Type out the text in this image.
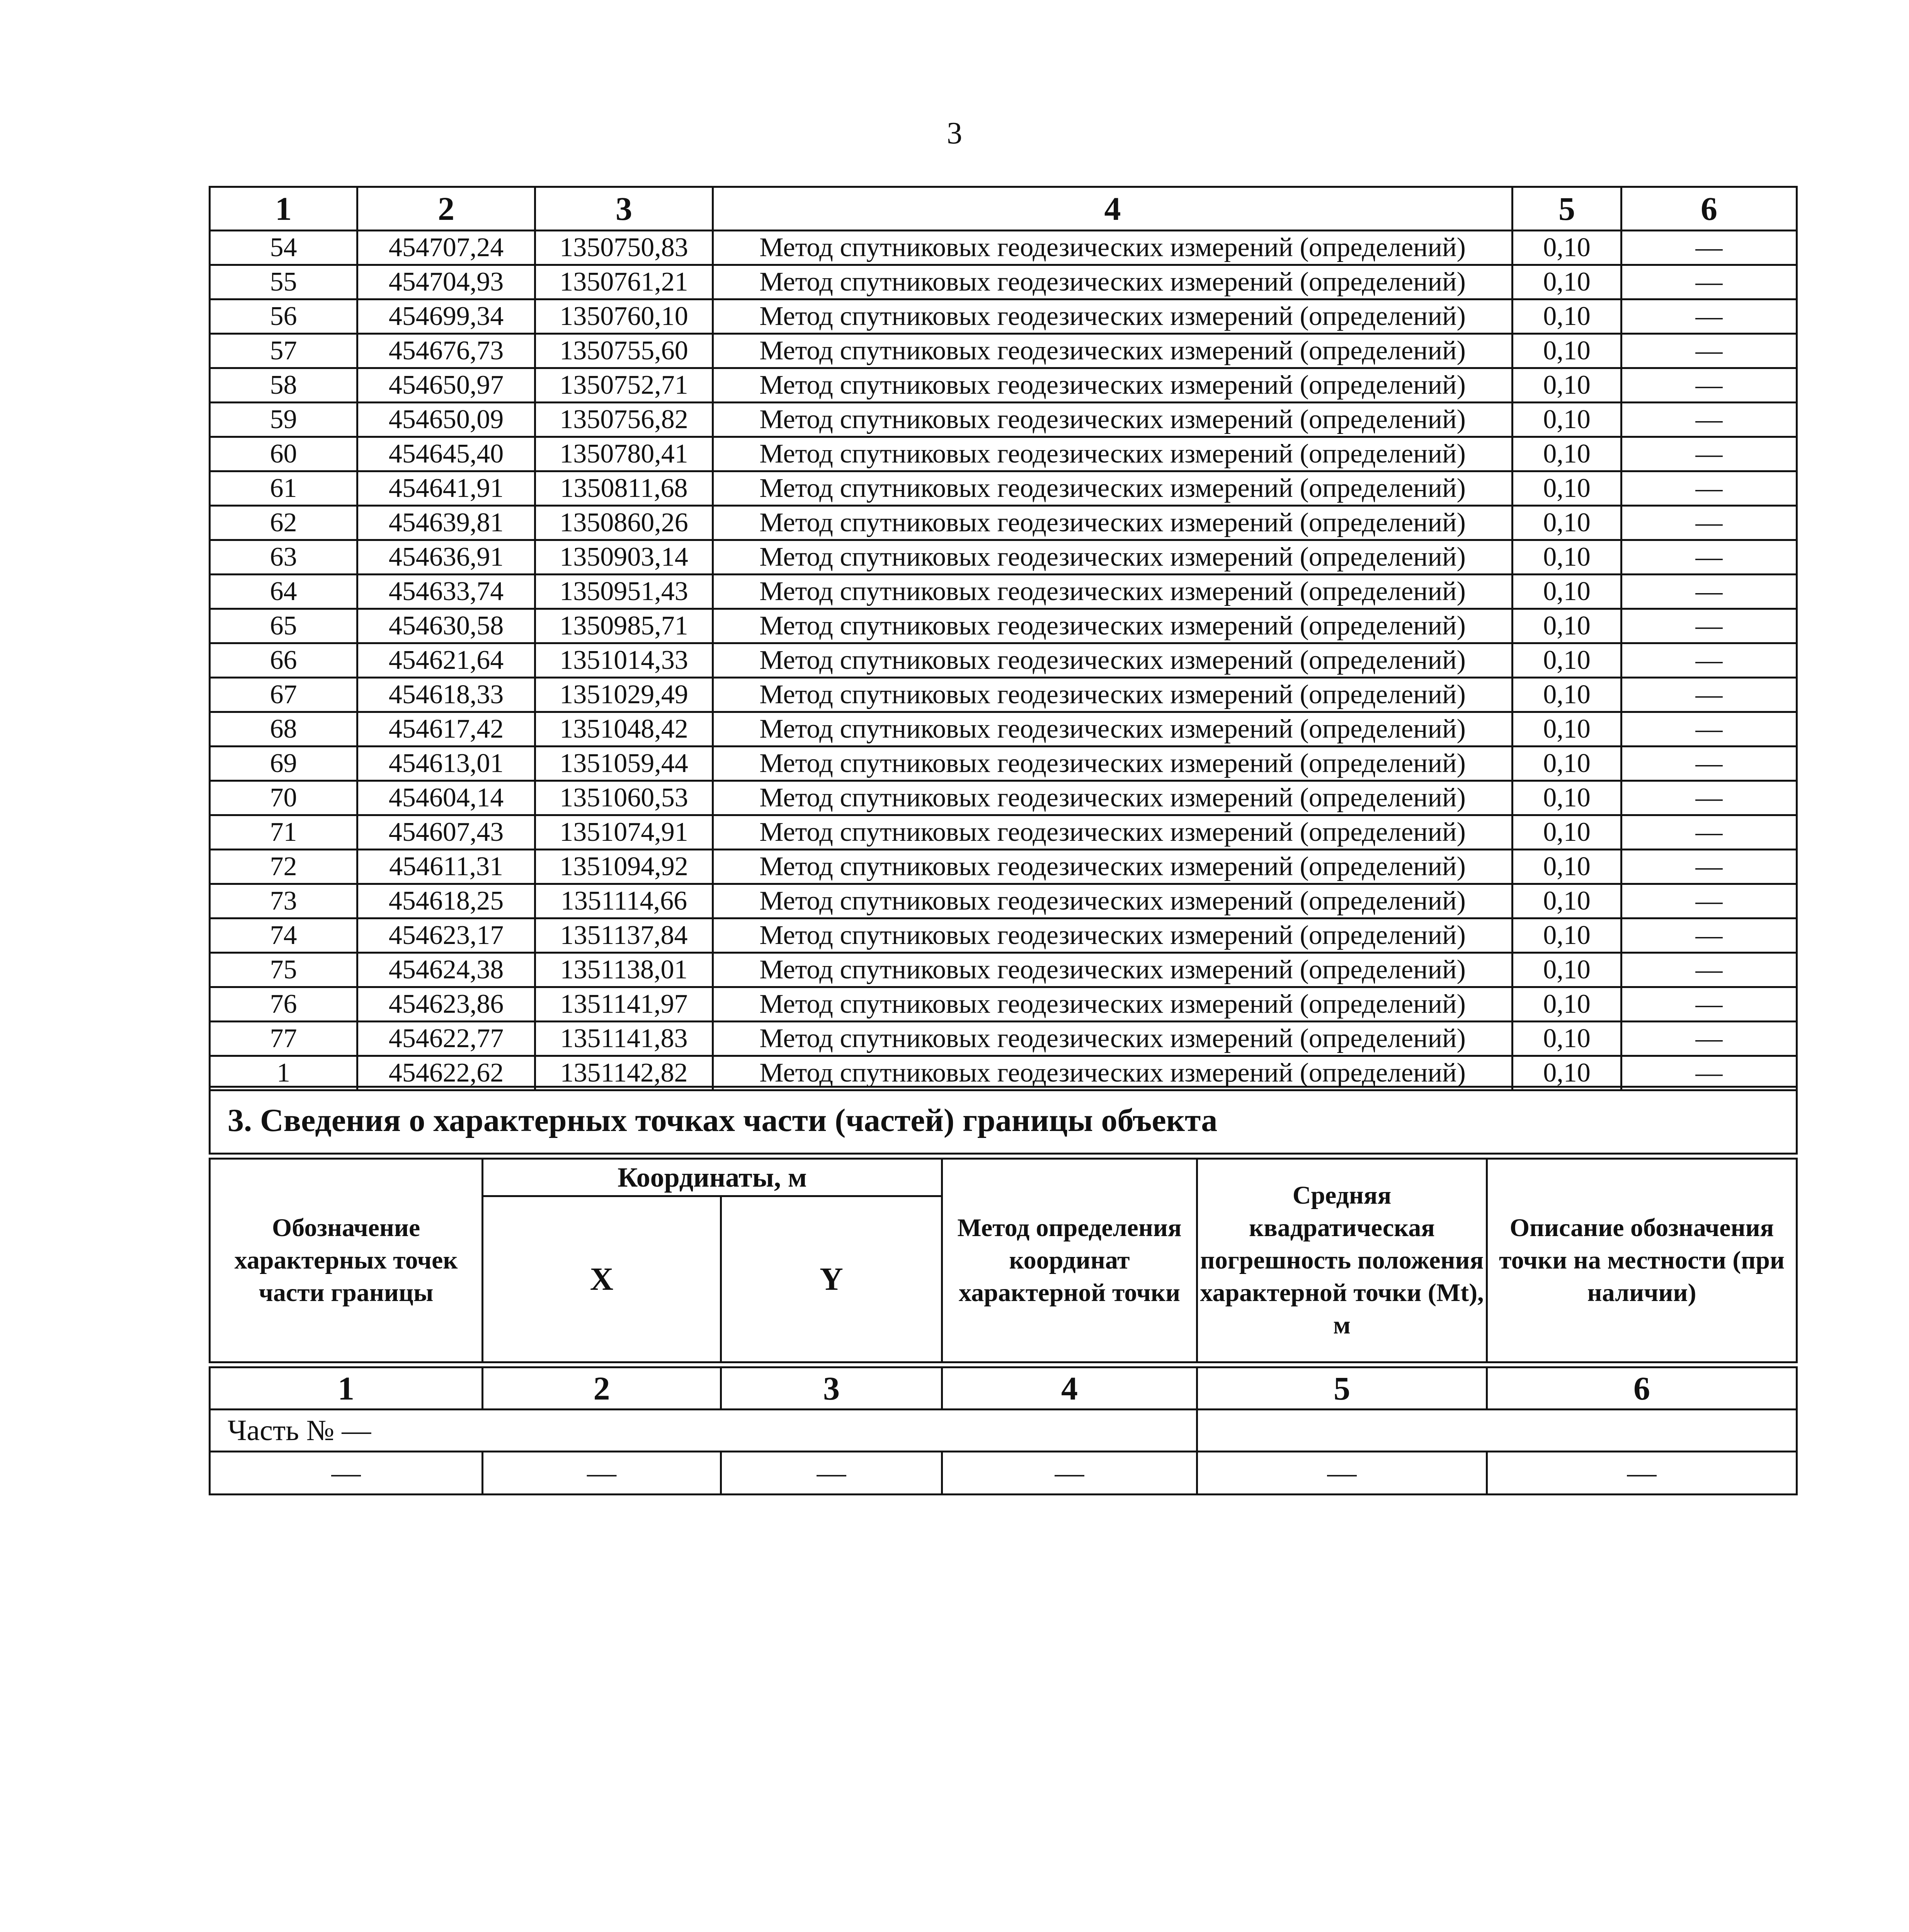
3
1	2	3	4	5	6
54	454707,24	1350750,83	Метод спутниковых геодезических измерений (определений)	0,10	—
55	454704,93	1350761,21	Метод спутниковых геодезических измерений (определений)	0,10	—
56	454699,34	1350760,10	Метод спутниковых геодезических измерений (определений)	0,10	—
57	454676,73	1350755,60	Метод спутниковых геодезических измерений (определений)	0,10	—
58	454650,97	1350752,71	Метод спутниковых геодезических измерений (определений)	0,10	—
59	454650,09	1350756,82	Метод спутниковых геодезических измерений (определений)	0,10	—
60	454645,40	1350780,41	Метод спутниковых геодезических измерений (определений)	0,10	—
61	454641,91	1350811,68	Метод спутниковых геодезических измерений (определений)	0,10	—
62	454639,81	1350860,26	Метод спутниковых геодезических измерений (определений)	0,10	—
63	454636,91	1350903,14	Метод спутниковых геодезических измерений (определений)	0,10	—
64	454633,74	1350951,43	Метод спутниковых геодезических измерений (определений)	0,10	—
65	454630,58	1350985,71	Метод спутниковых геодезических измерений (определений)	0,10	—
66	454621,64	1351014,33	Метод спутниковых геодезических измерений (определений)	0,10	—
67	454618,33	1351029,49	Метод спутниковых геодезических измерений (определений)	0,10	—
68	454617,42	1351048,42	Метод спутниковых геодезических измерений (определений)	0,10	—
69	454613,01	1351059,44	Метод спутниковых геодезических измерений (определений)	0,10	—
70	454604,14	1351060,53	Метод спутниковых геодезических измерений (определений)	0,10	—
71	454607,43	1351074,91	Метод спутниковых геодезических измерений (определений)	0,10	—
72	454611,31	1351094,92	Метод спутниковых геодезических измерений (определений)	0,10	—
73	454618,25	1351114,66	Метод спутниковых геодезических измерений (определений)	0,10	—
74	454623,17	1351137,84	Метод спутниковых геодезических измерений (определений)	0,10	—
75	454624,38	1351138,01	Метод спутниковых геодезических измерений (определений)	0,10	—
76	454623,86	1351141,97	Метод спутниковых геодезических измерений (определений)	0,10	—
77	454622,77	1351141,83	Метод спутниковых геодезических измерений (определений)	0,10	—
1	454622,62	1351142,82	Метод спутниковых геодезических измерений (определений)	0,10	—
3. Сведения о характерных точках части (частей) границы объекта					

Обозначение характерных точек части границы	Координаты, м		Метод определения координат характерной точки	Средняя квадратическая погрешность положения характерной точки (Mt), м	Описание обозначения точки на местности (при наличии)
	X	Y			

1	2	3	4	5	6
Часть № —					
—	—	—	—	—	—
